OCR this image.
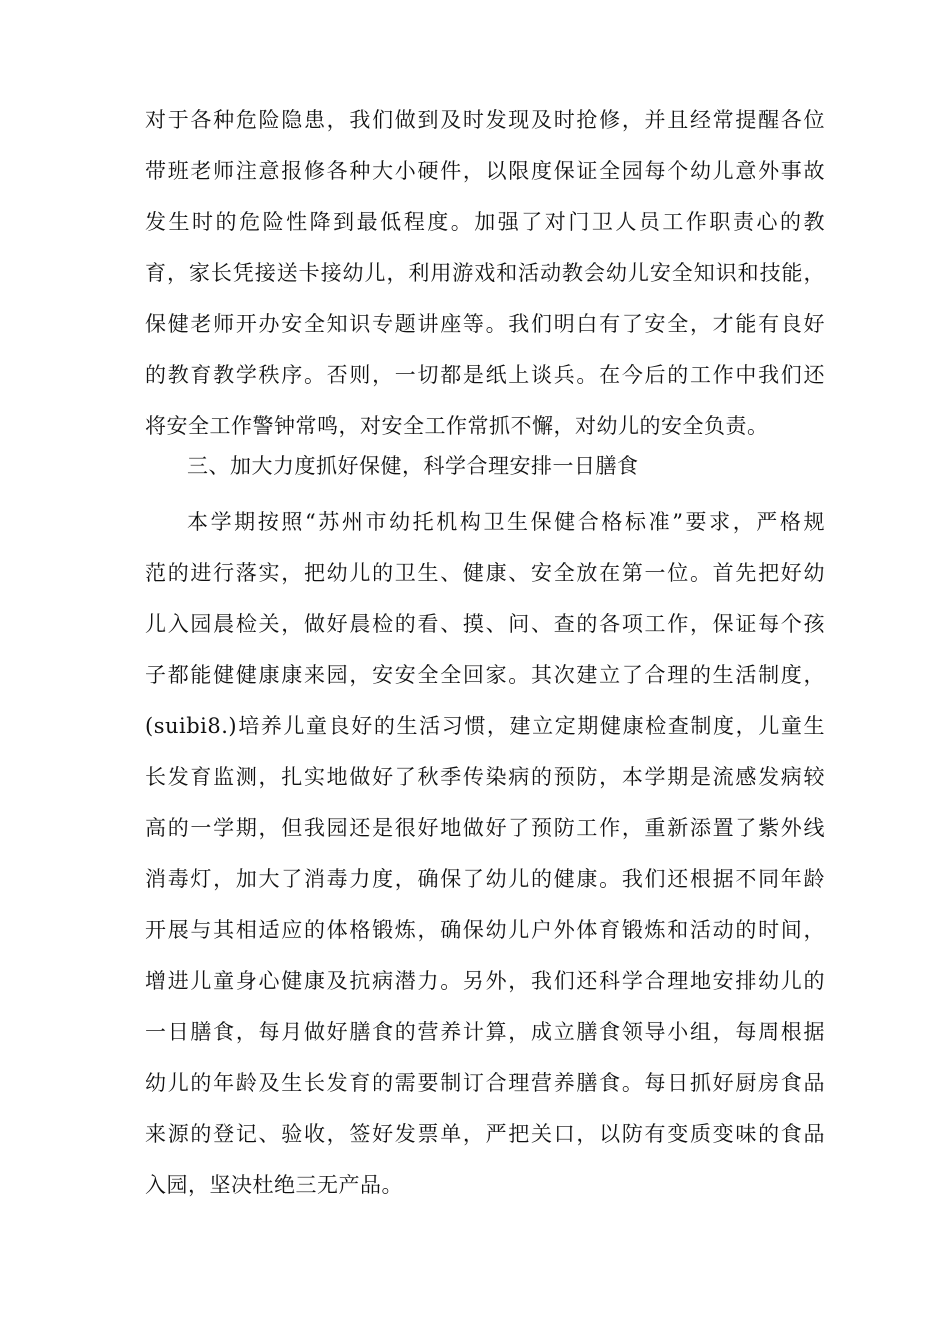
对于各种危险隐患，我们做到及时发现及时抢修，并且经常提醒各位
带班老师注意报修各种大小硬件，以限度保证全园每个幼儿意外事故
发生时的危险性降到最低程度。加强了对门卫人员工作职责心的教
育，家长凭接送卡接幼儿，利用游戏和活动教会幼儿安全知识和技能，
保健老师开办安全知识专题讲座等。我们明白有了安全，才能有良好
的教育教学秩序。否则，一切都是纸上谈兵。在今后的工作中我们还
将安全工作警钟常鸣，对安全工作常抓不懈，对幼儿的安全负责。
三、加大力度抓好保健，科学合理安排一日膳食
本学期按照“苏州市幼托机构卫生保健合格标准”要求，严格规
范的进行落实，把幼儿的卫生、健康、安全放在第一位。首先把好幼
儿入园晨检关，做好晨检的看、摸、问、查的各项工作，保证每个孩
子都能健健康康来园，安安全全回家。其次建立了合理的生活制度，
(suibi8.)培养儿童良好的生活习惯，建立定期健康检查制度，儿童生
长发育监测，扎实地做好了秋季传染病的预防，本学期是流感发病较
高的一学期，但我园还是很好地做好了预防工作，重新添置了紫外线
消毒灯，加大了消毒力度，确保了幼儿的健康。我们还根据不同年龄
开展与其相适应的体格锻炼，确保幼儿户外体育锻炼和活动的时间，
增进儿童身心健康及抗病潜力。另外，我们还科学合理地安排幼儿的
一日膳食，每月做好膳食的营养计算，成立膳食领导小组，每周根据
幼儿的年龄及生长发育的需要制订合理营养膳食。每日抓好厨房食品
来源的登记、验收，签好发票单，严把关口，以防有变质变味的食品
入园，坚决杜绝三无产品。
